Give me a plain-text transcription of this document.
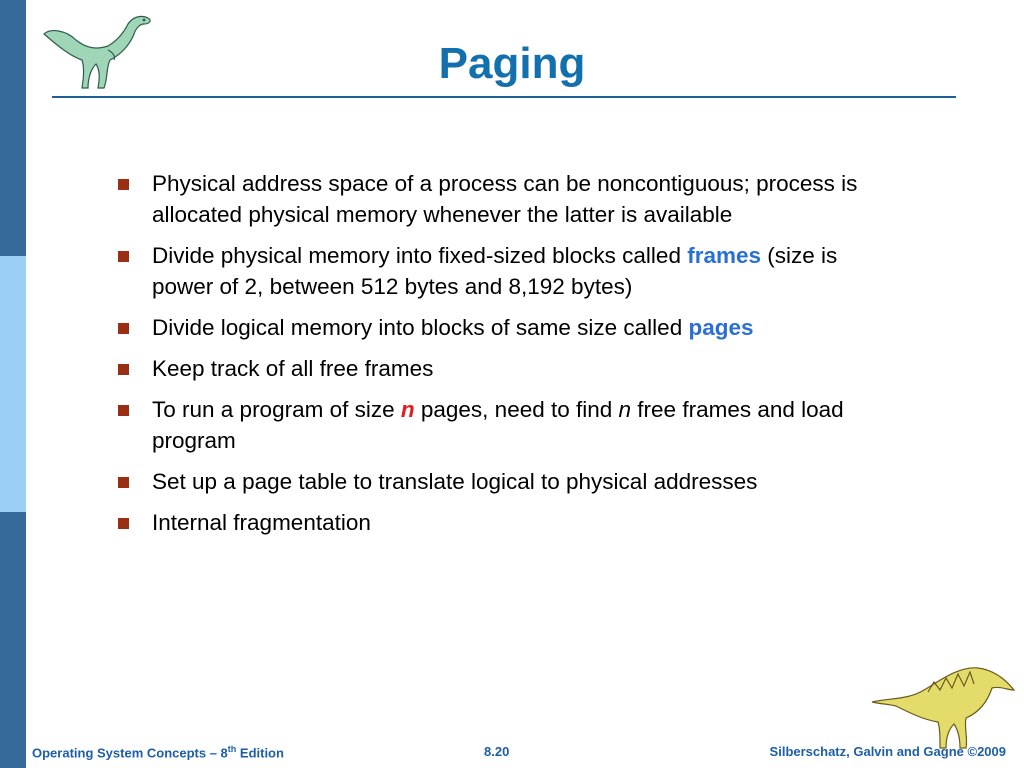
Paging
Physical address space of a process can be noncontiguous; process is allocated physical memory whenever the latter is available
Divide physical memory into fixed-sized blocks called frames (size is power of 2, between 512 bytes and 8,192 bytes)
Divide logical memory into blocks of same size called pages
Keep track of all free frames
To run a program of size n pages, need to find n free frames and load program
Set up a page table to translate logical to physical addresses
Internal fragmentation
Operating System Concepts – 8th Edition	8.20	Silberschatz, Galvin and Gagne ©2009
